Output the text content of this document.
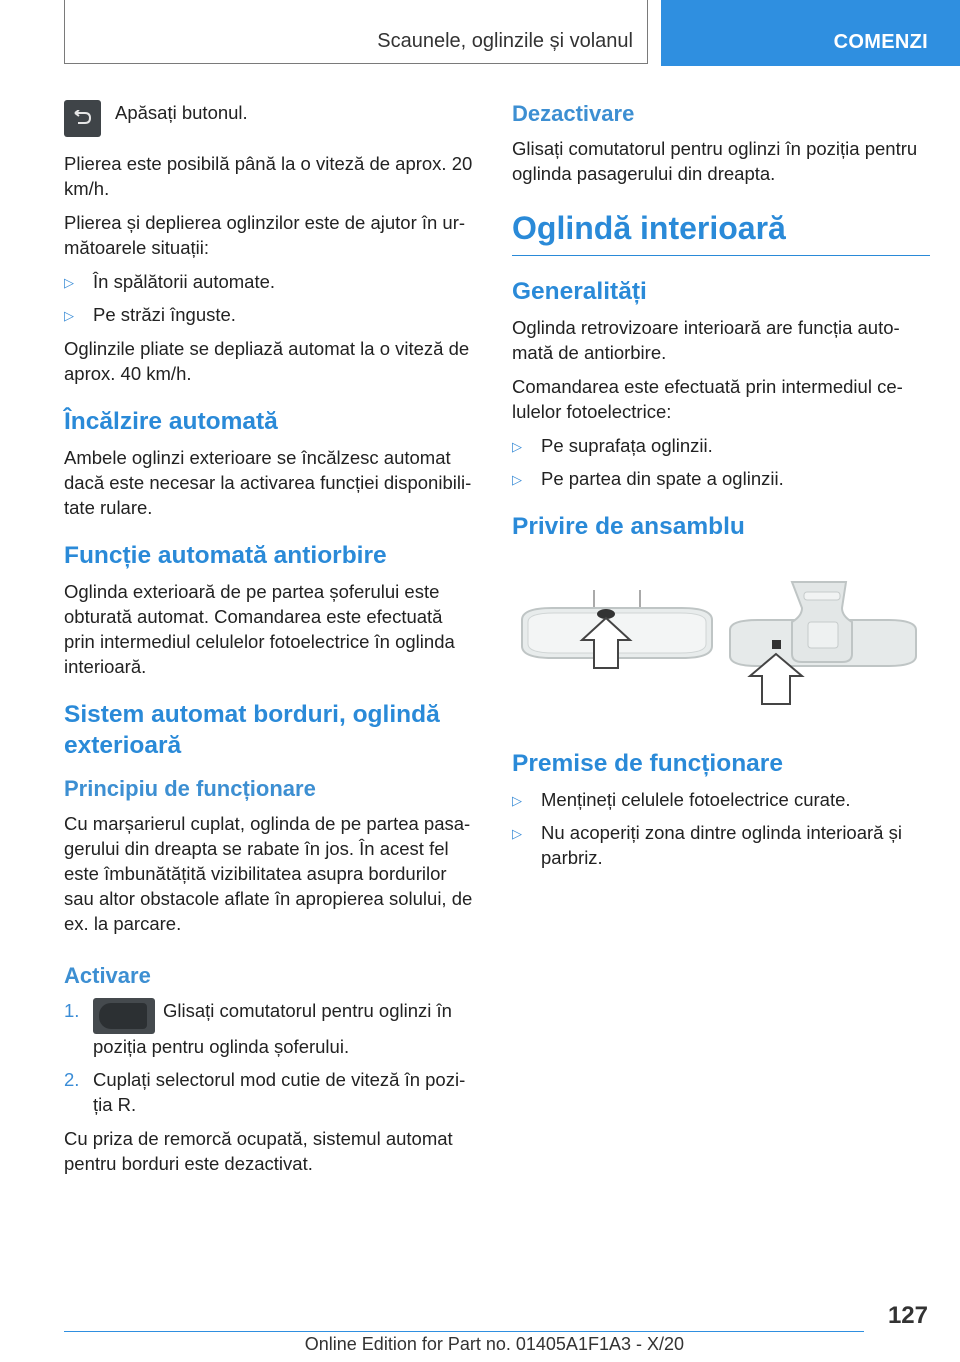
Scaunele, oglinzile și volanul	COMENZI
Apăsați butonul.

Plierea este posibilă până la o viteză de aprox. 20 km/h.

Plierea și deplierea oglinzilor este de ajutor în ur‐mătoarele situații:

▷ În spălătorii automate.
▷ Pe străzi înguste.

Oglinzile pliate se depliază automat la o viteză de aprox. 40 km/h.

Încălzire automată

Ambele oglinzi exterioare se încălzesc automat dacă este necesar la activarea funcției disponibili‐tate rulare.

Funcție automată antiorbire

Oglinda exterioară de pe partea șoferului este obturată automat. Comandarea este efectuată prin intermediul celulelor fotoelectrice în oglinda interioară.

Sistem automat borduri, oglindă exterioară
Principiu de funcționare

Cu marșarierul cuplat, oglinda de pe partea pasa‐gerului din dreapta se rabate în jos. În acest fel este îmbunătățită vizibilitatea asupra bordurilor sau altor obstacole aflate în apropierea solului, de ex. la parcare.

Activare
1.	Glisați comutatorul pentru oglinzi în poziția pentru oglinda șoferului.
2. Cuplați selectorul mod cutie de viteză în pozi‐ția R.

Cu priza de remorcă ocupată, sistemul automat pentru borduri este dezactivat.

Dezactivare

Glisați comutatorul pentru oglinzi în poziția pentru oglinda pasagerului din dreapta.

Oglindă interioară
Generalități

Oglinda retrovizoare interioară are funcția auto‐mată de antiorbire.

Comandarea este efectuată prin intermediul ce‐lulelor fotoelectrice:

▷ Pe suprafața oglinzii.
▷ Pe partea din spate a oglinzii.
Privire de ansamblu
Premise de funcționare
▷ Mențineți celulele fotoelectrice curate.
▷ Nu acoperiți zona dintre oglinda interioară și parbriz.
127
Online Edition for Part no. 01405A1F1A3 - X/20
